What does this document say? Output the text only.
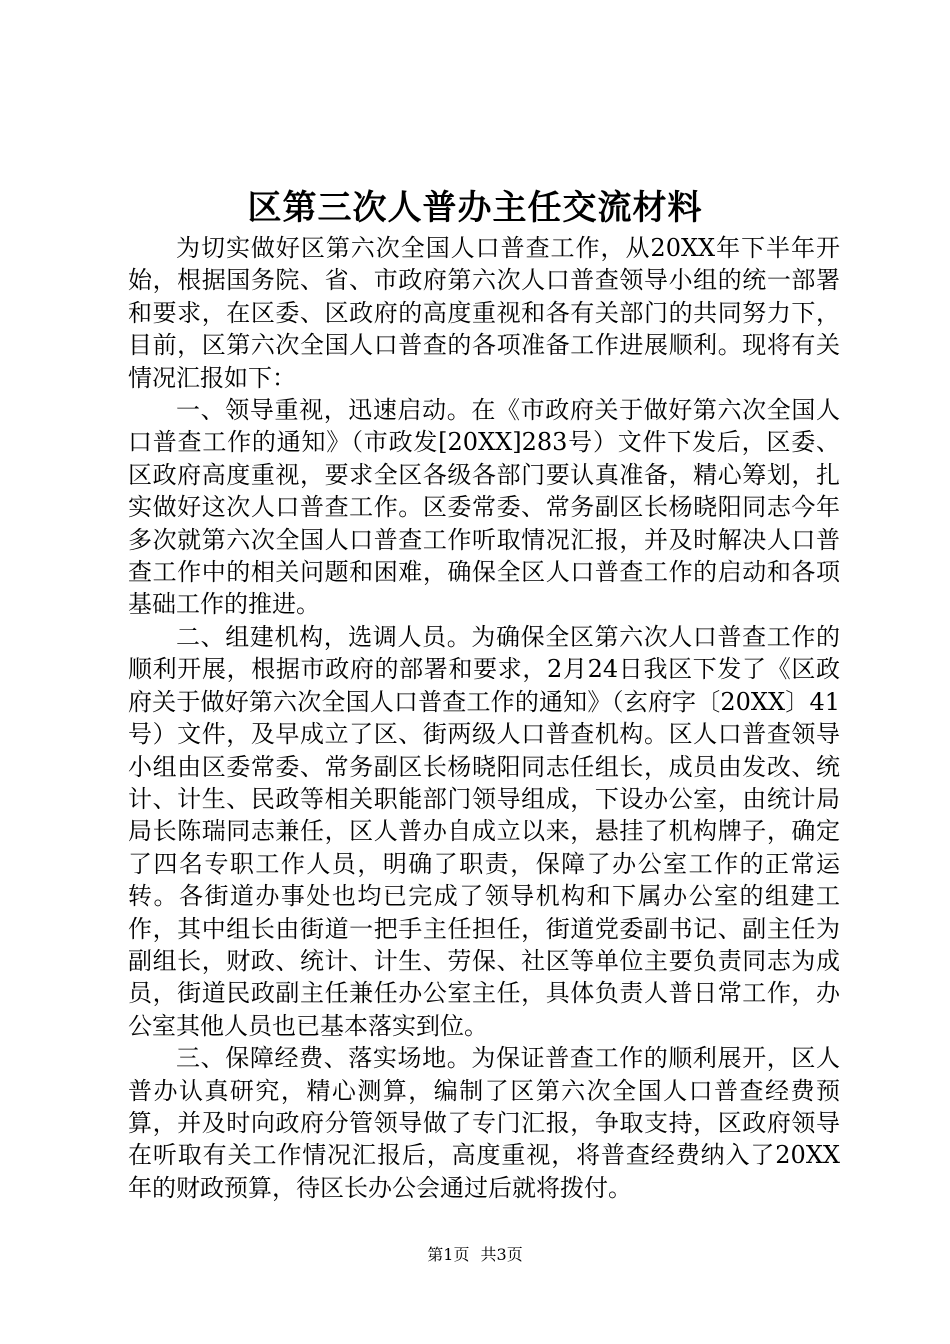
区第三次人普办主任交流材料

为切实做好区第六次全国人口普查工作，从20XX年下半年开始，根据国务院、省、市政府第六次人口普查领导小组的统一部署和要求，在区委、区政府的高度重视和各有关部门的共同努力下，目前，区第六次全国人口普查的各项准备工作进展顺利。现将有关情况汇报如下：

一、领导重视，迅速启动。在《市政府关于做好第六次全国人口普查工作的通知》（市政发[20XX]283号）文件下发后，区委、区政府高度重视，要求全区各级各部门要认真准备，精心筹划，扎实做好这次人口普查工作。区委常委、常务副区长杨晓阳同志今年多次就第六次全国人口普查工作听取情况汇报，并及时解决人口普查工作中的相关问题和困难，确保全区人口普查工作的启动和各项基础工作的推进。

二、组建机构，选调人员。为确保全区第六次人口普查工作的顺利开展，根据市政府的部署和要求，2月24日我区下发了《区政府关于做好第六次全国人口普查工作的通知》（玄府字〔20XX〕41号）文件，及早成立了区、街两级人口普查机构。区人口普查领导小组由区委常委、常务副区长杨晓阳同志任组长，成员由发改、统计、计生、民政等相关职能部门领导组成，下设办公室，由统计局局长陈瑞同志兼任，区人普办自成立以来，悬挂了机构牌子，确定了四名专职工作人员，明确了职责，保障了办公室工作的正常运转。各街道办事处也均已完成了领导机构和下属办公室的组建工作，其中组长由街道一把手主任担任，街道党委副书记、副主任为副组长，财政、统计、计生、劳保、社区等单位主要负责同志为成员，街道民政副主任兼任办公室主任，具体负责人普日常工作，办公室其他人员也已基本落实到位。

三、保障经费、落实场地。为保证普查工作的顺利展开，区人普办认真研究，精心测算，编制了区第六次全国人口普查经费预算，并及时向政府分管领导做了专门汇报，争取支持，区政府领导在听取有关工作情况汇报后，高度重视，将普查经费纳入了20XX年的财政预算，待区长办公会通过后就将拨付。

第1页 共3页
